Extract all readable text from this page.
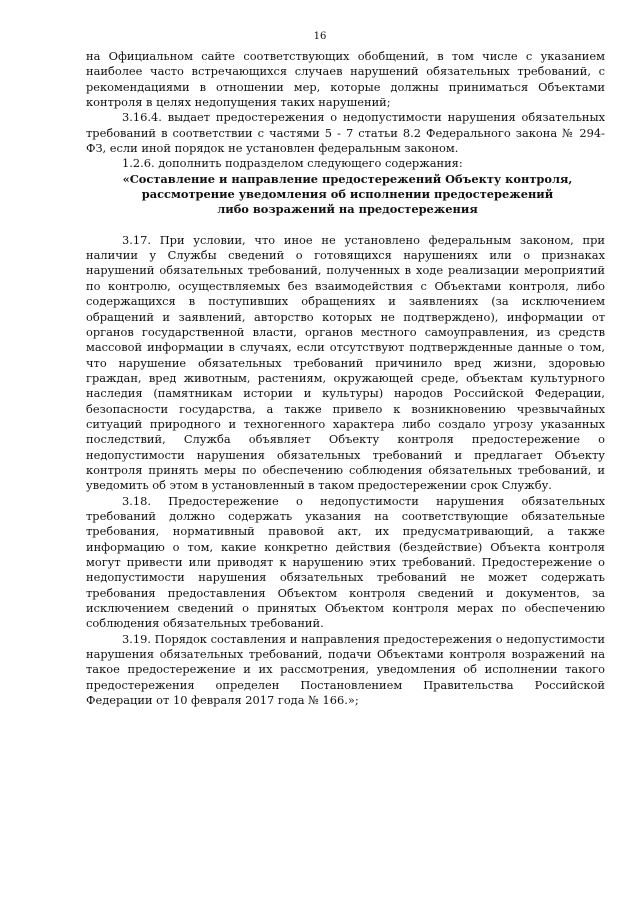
16

на Официальном сайте соответствующих обобщений, в том числе с указанием наиболее часто встречающихся случаев нарушений обязательных требований, с рекомендациями в отношении мер, которые должны приниматься Объектами контроля в целях недопущения таких нарушений;

3.16.4. выдает предостережения о недопустимости нарушения обязательных требований в соответствии с частями 5 - 7 статьи 8.2 Федерального закона № 294-ФЗ, если иной порядок не установлен федеральным законом.

1.2.6. дополнить подразделом следующего содержания:

«Составление и направление предостережений Объекту контроля,

рассмотрение уведомления об исполнении предостережений

либо возражений на предостережения

3.17. При условии, что иное не установлено федеральным законом, при наличии у Службы сведений о готовящихся нарушениях или о признаках нарушений обязательных требований, полученных в ходе реализации мероприятий по контролю, осуществляемых без взаимодействия с Объектами контроля, либо содержащихся в поступивших обращениях и заявлениях (за исключением обращений и заявлений, авторство которых не подтверждено), информации от органов государственной власти, органов местного самоуправления, из средств массовой информации в случаях, если отсутствуют подтвержденные данные о том, что нарушение обязательных требований причинило вред жизни, здоровью граждан, вред животным, растениям, окружающей среде, объектам культурного наследия (памятникам истории и культуры) народов Российской Федерации, безопасности государства, а также привело к возникновению чрезвычайных ситуаций природного и техногенного характера либо создало угрозу указанных последствий, Служба объявляет Объекту контроля предостережение о недопустимости нарушения обязательных требований и предлагает Объекту контроля принять меры по обеспечению соблюдения обязательных требований, и уведомить об этом в установленный в таком предостережении срок Службу.

3.18. Предостережение о недопустимости нарушения обязательных требований должно содержать указания на соответствующие обязательные требования, нормативный правовой акт, их предусматривающий, а также информацию о том, какие конкретно действия (бездействие) Объекта контроля могут привести или приводят к нарушению этих требований. Предостережение о недопустимости нарушения обязательных требований не может содержать требования предоставления Объектом контроля сведений и документов, за исключением сведений о принятых Объектом контроля мерах по обеспечению соблюдения обязательных требований.

3.19. Порядок составления и направления предостережения о недопустимости нарушения обязательных требований, подачи Объектами контроля возражений на такое предостережение и их рассмотрения, уведомления об исполнении такого предостережения определен Постановлением Правительства Российской Федерации от 10 февраля 2017 года № 166.»;
